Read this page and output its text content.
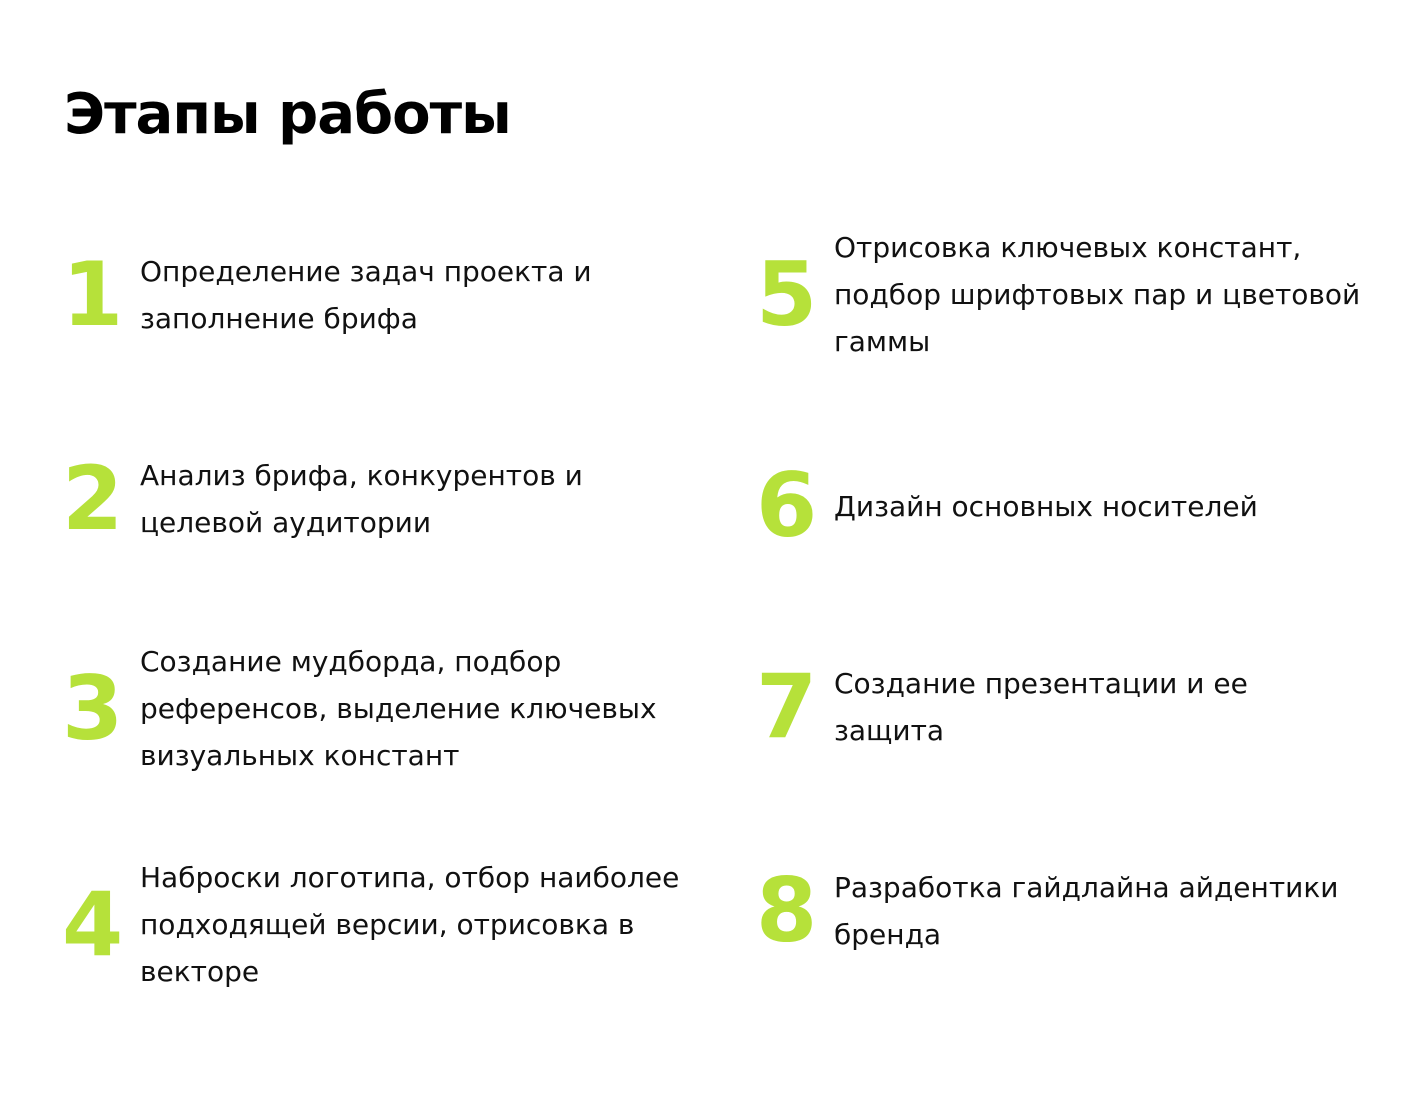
Этапы работы
1 Определение задач проекта и
заполнение брифа
2 Анализ брифа, конкурентов и
целевой аудитории
3 Создание мудборда, подбор
референсов, выделение ключевых
визуальных констант
4 Наброски логотипа, отбор наиболее
подходящей версии, отрисовка в
векторе
5 Отрисовка ключевых констант,
подбор шрифтовых пар и цветовой
гаммы
6 Дизайн основных носителей
7 Создание презентации и ее
защита
8 Разработка гайдлайна айдентики
бренда
